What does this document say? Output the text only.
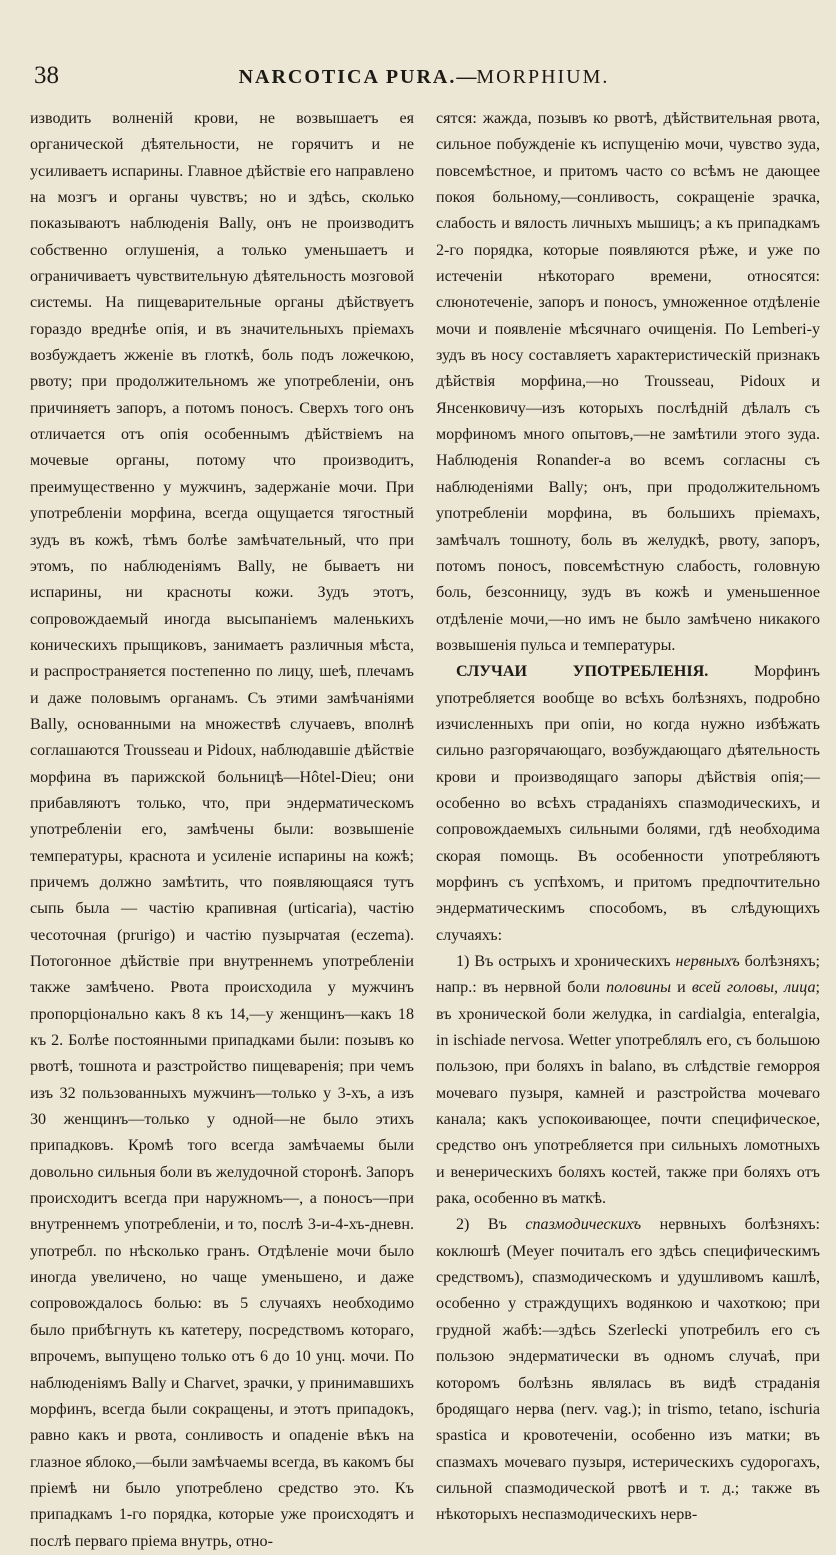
38	NARCOTICA PURA.—MORPHIUM.

изводить волненій крови, не возвышаетъ ея органической дѣятельности, не горячитъ и не усиливаетъ испарины. Главное дѣйствіе его направлено на мозгъ и органы чувствъ; но и здѣсь, сколько показываютъ наблюденія Bally, онъ не производитъ собственно оглушенія, а только уменьшаетъ и ограничиваетъ чувствительную дѣятельность мозговой системы. На пищеварительные органы дѣйствуетъ гораздо вреднѣе опія, и въ значительныхъ пріемахъ возбуждаетъ жженіе въ глоткѣ, боль подъ ложечкою, рвоту; при продолжительномъ же употребленіи, онъ причиняетъ запоръ, а потомъ поносъ. Сверхъ того онъ отличается отъ опія особеннымъ дѣйствіемъ на мочевые органы, потому что производитъ, преимущественно у мужчинъ, задержаніе мочи. При употребленіи морфина, всегда ощущается тягостный зудъ въ кожѣ, тѣмъ болѣе замѣчательный, что при этомъ, по наблюденіямъ Bally, не бываетъ ни испарины, ни красноты кожи. Зудъ этотъ, сопровождаемый иногда высыпаніемъ маленькихъ коническихъ прыщиковъ, занимаетъ различныя мѣста, и распространяется постепенно по лицу, шеѣ, плечамъ и даже половымъ органамъ. Съ этими замѣчаніями Bally, основанными на множествѣ случаевъ, вполнѣ соглашаются Trousseau и Pidoux, наблюдавшіе дѣйствіе морфина въ парижской больницѣ—Hôtel-Dieu; они прибавляютъ только, что, при эндерматическомъ употребленіи его, замѣчены были: возвышеніе температуры, краснота и усиленіе испарины на кожѣ; причемъ должно замѣтить, что появляющаяся тутъ сыпь была — частію крапивная (urticaria), частію чесоточная (prurigo) и частію пузырчатая (eczema). Потогонное дѣйствіе при внутреннемъ употребленіи также замѣчено. Рвота происходила у мужчинъ пропорціонально какъ 8 къ 14,—у женщинъ—какъ 18 къ 2. Болѣе постоянными припадками были: позывъ ко рвотѣ, тошнота и разстройство пищеваренія; при чемъ изъ 32 пользованныхъ мужчинъ—только у 3-хъ, а изъ 30 женщинъ—только у одной—не было этихъ припадковъ. Кромѣ того всегда замѣчаемы были довольно сильныя боли въ желудочной сторонѣ. Запоръ происходитъ всегда при наружномъ—, а поносъ—при внутреннемъ употребленіи, и то, послѣ 3-и-4-хъ-дневн. употребл. по нѣсколько гранъ. Отдѣленіе мочи было иногда увеличено, но чаще уменьшено, и даже сопровождалось болью: въ 5 случаяхъ необходимо было прибѣгнуть къ катетеру, посредствомъ котораго, впрочемъ, выпущено только отъ 6 до 10 унц. мочи. По наблюденіямъ Bally и Charvet, зрачки, у принимавшихъ морфинъ, всегда были сокращены, и этотъ припадокъ, равно какъ и рвота, сонливость и опаденіе вѣкъ на глазное яблоко,—были замѣчаемы всегда, въ какомъ бы пріемѣ ни было употреблено средство это. Къ припадкамъ 1-го порядка, которые уже происходятъ и послѣ перваго пріема внутрь, отно-

сятся: жажда, позывъ ко рвотѣ, дѣйствительная рвота, сильное побужденіе къ испущенію мочи, чувство зуда, повсемѣстное, и притомъ часто со всѣмъ не дающее покоя больному,—сонливость, сокращеніе зрачка, слабость и вялость личныхъ мышицъ; а къ припадкамъ 2-го порядка, которые появляются рѣже, и уже по истеченіи нѣкотораго времени, относятся: слюнотеченіе, запоръ и поносъ, умноженное отдѣленіе мочи и появленіе мѣсячнаго очищенія. По Lemberi-у зудъ въ носу составляетъ характеристическій признакъ дѣйствія морфина,—но Trousseau, Pidoux и Янсенковичу—изъ которыхъ послѣдній дѣлалъ съ морфиномъ много опытовъ,—не замѣтили этого зуда. Наблюденія Ronander-а во всемъ согласны съ наблюденіями Bally; онъ, при продолжительномъ употребленіи морфина, въ большихъ пріемахъ, замѣчалъ тошноту, боль въ желудкѣ, рвоту, запоръ, потомъ поносъ, повсемѣстную слабость, головную боль, безсонницу, зудъ въ кожѣ и уменьшенное отдѣленіе мочи,—но имъ не было замѣчено никакого возвышенія пульса и температуры.

СЛУЧАИ УПОТРЕБЛЕНІЯ. Морфинъ употребляется вообще во всѣхъ болѣзняхъ, подробно изчисленныхъ при опіи, но когда нужно избѣжать сильно разгорячающаго, возбуждающаго дѣятельность крови и производящаго запоры дѣйствія опія;—особенно во всѣхъ страданіяхъ спазмодическихъ, и сопровождаемыхъ сильными болями, гдѣ необходима скорая помощь. Въ особенности употребляютъ морфинъ съ успѣхомъ, и притомъ предпочтительно эндерматическимъ способомъ, въ слѣдующихъ случаяхъ:

1) Въ острыхъ и хроническихъ нервныхъ болѣзняхъ; напр.: въ нервной боли половины и всей головы, лица; въ хронической боли желудка, in cardialgia, enteralgia, in ischiade nervosa. Wetter употреблялъ его, съ большою пользою, при боляхъ in balano, въ слѣдствіе геморроя мочеваго пузыря, камней и разстройства мочеваго канала; какъ успокоивающее, почти специфическое, средство онъ употребляется при сильныхъ ломотныхъ и венерическихъ боляхъ костей, также при боляхъ отъ рака, особенно въ маткѣ.

2) Въ спазмодическихъ нервныхъ болѣзняхъ: коклюшѣ (Meyer почиталъ его здѣсь специфическимъ средствомъ), спазмодическомъ и удушливомъ кашлѣ, особенно у страждущихъ водянкою и чахоткою; при грудной жабѣ:—здѣсь Szerlecki употребилъ его съ пользою эндерматически въ одномъ случаѣ, при которомъ болѣзнь являлась въ видѣ страданія бродящаго нерва (nerv. vag.); in trismo, tetano, ischuria spastica и кровотеченіи, особенно изъ матки; въ спазмахъ мочеваго пузыря, истерическихъ судорогахъ, сильной спазмодической рвотѣ и т. д.; также въ нѣкоторыхъ неспазмодическихъ нерв-
